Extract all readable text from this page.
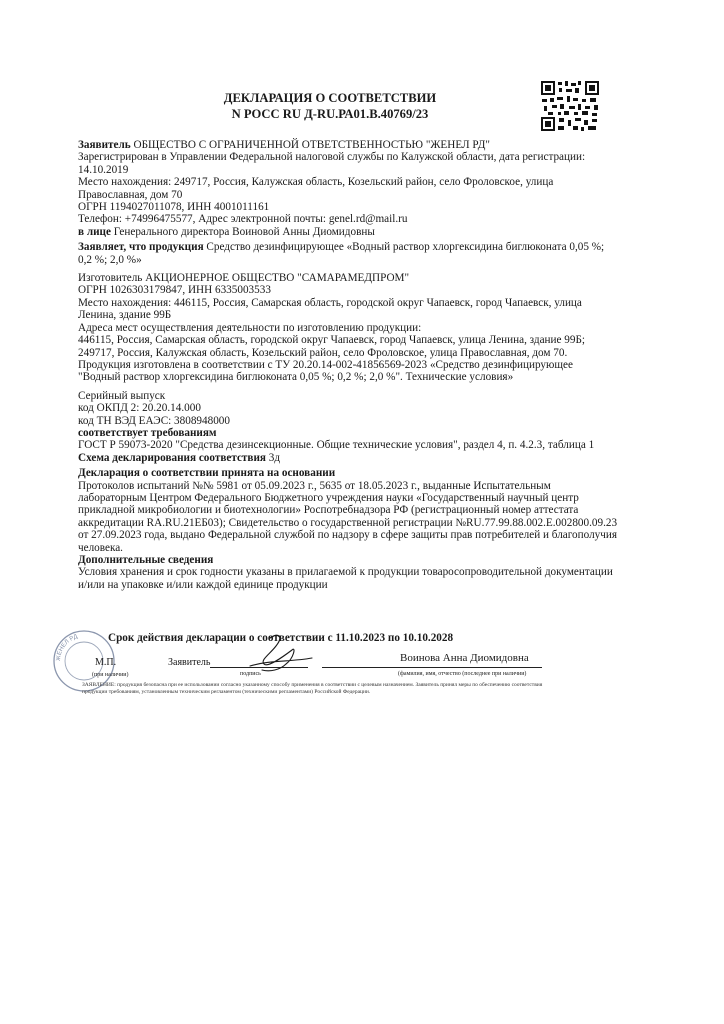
ДЕКЛАРАЦИЯ О СООТВЕТСТВИИ
N РОСС RU Д-RU.РА01.В.40769/23

Заявитель ОБЩЕСТВО С ОГРАНИЧЕННОЙ ОТВЕТСТВЕННОСТЬЮ "ЖЕНЕЛ РД"

Зарегистрирован в Управлении Федеральной налоговой службы по Калужской области, дата регистрации: 14.10.2019

Место нахождения: 249717, Россия, Калужская область, Козельский район, село Фроловское, улица Православная, дом 70

ОГРН 1194027011078, ИНН 4001011161

Телефон: +74996475577, Адрес электронной почты: genel.rd@mail.ru

в лице Генерального директора Воиновой Анны Диомидовны

Заявляет, что продукция Средство дезинфицирующее «Водный раствор хлоргексидина биглюконата 0,05 %; 0,2 %; 2,0 %»

Изготовитель АКЦИОНЕРНОЕ ОБЩЕСТВО "САМАРАМЕДПРОМ"

ОГРН 1026303179847, ИНН 6335003533

Место нахождения: 446115, Россия, Самарская область, городской округ Чапаевск, город Чапаевск, улица Ленина, здание 99Б

Адреса мест осуществления деятельности по изготовлению продукции:

446115, Россия, Самарская область, городской округ Чапаевск, город Чапаевск, улица Ленина, здание 99Б;

249717, Россия, Калужская область, Козельский район, село Фроловское, улица Православная, дом 70.

Продукция изготовлена в соответствии с ТУ 20.20.14-002-41856569-2023 «Средство дезинфицирующее "Водный раствор хлоргексидина биглюконата 0,05 %; 0,2 %; 2,0 %". Технические условия»

Серийный выпуск

код ОКПД 2: 20.20.14.000

код ТН ВЭД ЕАЭС: 3808948000

соответствует требованиям

ГОСТ Р 59073-2020 "Средства дезинсекционные. Общие технические условия", раздел 4, п. 4.2.3, таблица 1

Схема декларирования соответствия 3д

Декларация о соответствии принята на основании

Протоколов испытаний №№ 5981 от 05.09.2023 г., 5635 от 18.05.2023 г., выданные Испытательным лабораторным Центром Федерального Бюджетного учреждения науки «Государственный научный центр прикладной микробиологии и биотехнологии» Роспотребнадзора РФ (регистрационный номер аттестата аккредитации RA.RU.21ЕБ03); Свидетельство о государственной регистрации №RU.77.99.88.002.Е.002800.09.23 от 27.09.2023 года, выдано Федеральной службой по надзору в сфере защиты прав потребителей и благополучия человека.

Дополнительные сведения

Условия хранения и срок годности указаны в прилагаемой к продукции товаросопроводительной документации и/или на упаковке и/или каждой единице продукции

ЖЕНЕЛ РД	Срок действия декларации о соответствии с 11.10.2023 по 10.10.2028
М.П.
(при наличии)
Заявитель
подпись
Воинова Анна Диомидовна
(фамилия, имя, отчество (последнее при наличии)
ЗАЯВЛЕНИЕ: продукция безопасна при ее использовании согласно указанному способу применения в соответствии с целевым назначением. Заявитель принял меры по обеспечению соответствия продукции требованиям, установленным техническим регламентом (техническими регламентами) Российской Федерации.
